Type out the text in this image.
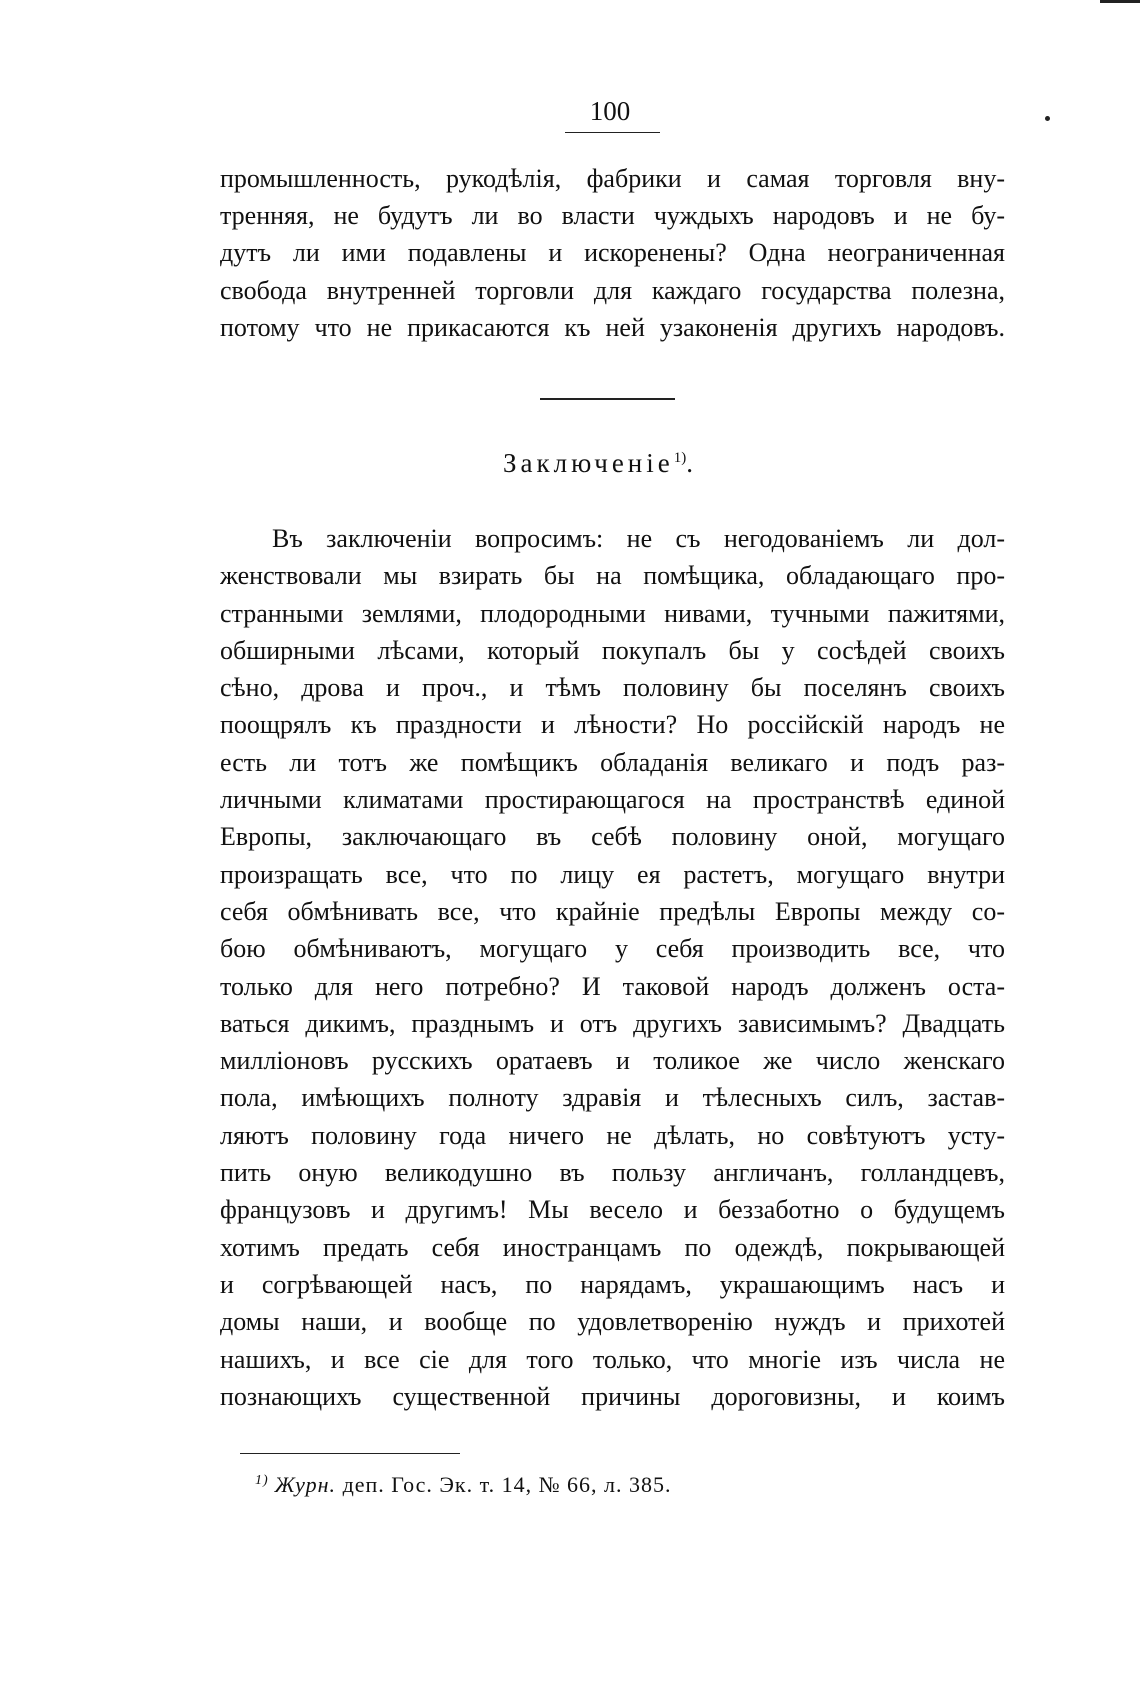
100
промышленность, рукодѣлія, фабрики и самая торговля вну-
тренняя, не будутъ ли во власти чуждыхъ народовъ и не бу-
дутъ ли ими подавлены и искоренены? Одна неограниченная
свобода внутренней торговли для каждаго государства полезна,
потому что не прикасаются къ ней узаконенія другихъ народовъ.
Заключеніе$^{1)}$.
Въ заключеніи вопросимъ: не съ негодованіемъ ли дол-
женствовали мы взирать бы на помѣщика, обладающаго про-
странными землями, плодородными нивами, тучными пажитями,
обширными лѣсами, который покупалъ бы у сосѣдей своихъ
сѣно, дрова и проч., и тѣмъ половину бы поселянъ своихъ
поощрялъ къ праздности и лѣности? Но россійскій народъ не
есть ли тотъ же помѣщикъ обладанія великаго и подъ раз-
личными климатами простирающагося на пространствѣ единой
Европы, заключающаго въ себѣ половину оной, могущаго
произращать все, что по лицу ея растетъ, могущаго внутри
себя обмѣнивать все, что крайніе предѣлы Европы между со-
бою обмѣниваютъ, могущаго у себя производить все, что
только для него потребно? И таковой народъ долженъ оста-
ваться дикимъ, празднымъ и отъ другихъ зависимымъ? Двадцать
милліоновъ русскихъ оратаевъ и толикое же число женскаго
пола, имѣющихъ полноту здравія и тѣлесныхъ силъ, застав-
ляютъ половину года ничего не дѣлать, но совѣтуютъ усту-
пить оную великодушно въ пользу англичанъ, голландцевъ,
французовъ и другимъ! Мы весело и беззаботно о будущемъ
хотимъ предать себя иностранцамъ по одеждѣ, покрывающей
и согрѣвающей насъ, по нарядамъ, украшающимъ насъ и
домы наши, и вообще по удовлетворенію нуждъ и прихотей
нашихъ, и все сіе для того только, что многіе изъ числа не
познающихъ существенной причины дороговизны, и коимъ
$^{1)}$ Журн. деп. Гос. Эк. т. 14, № 66, л. 385.
